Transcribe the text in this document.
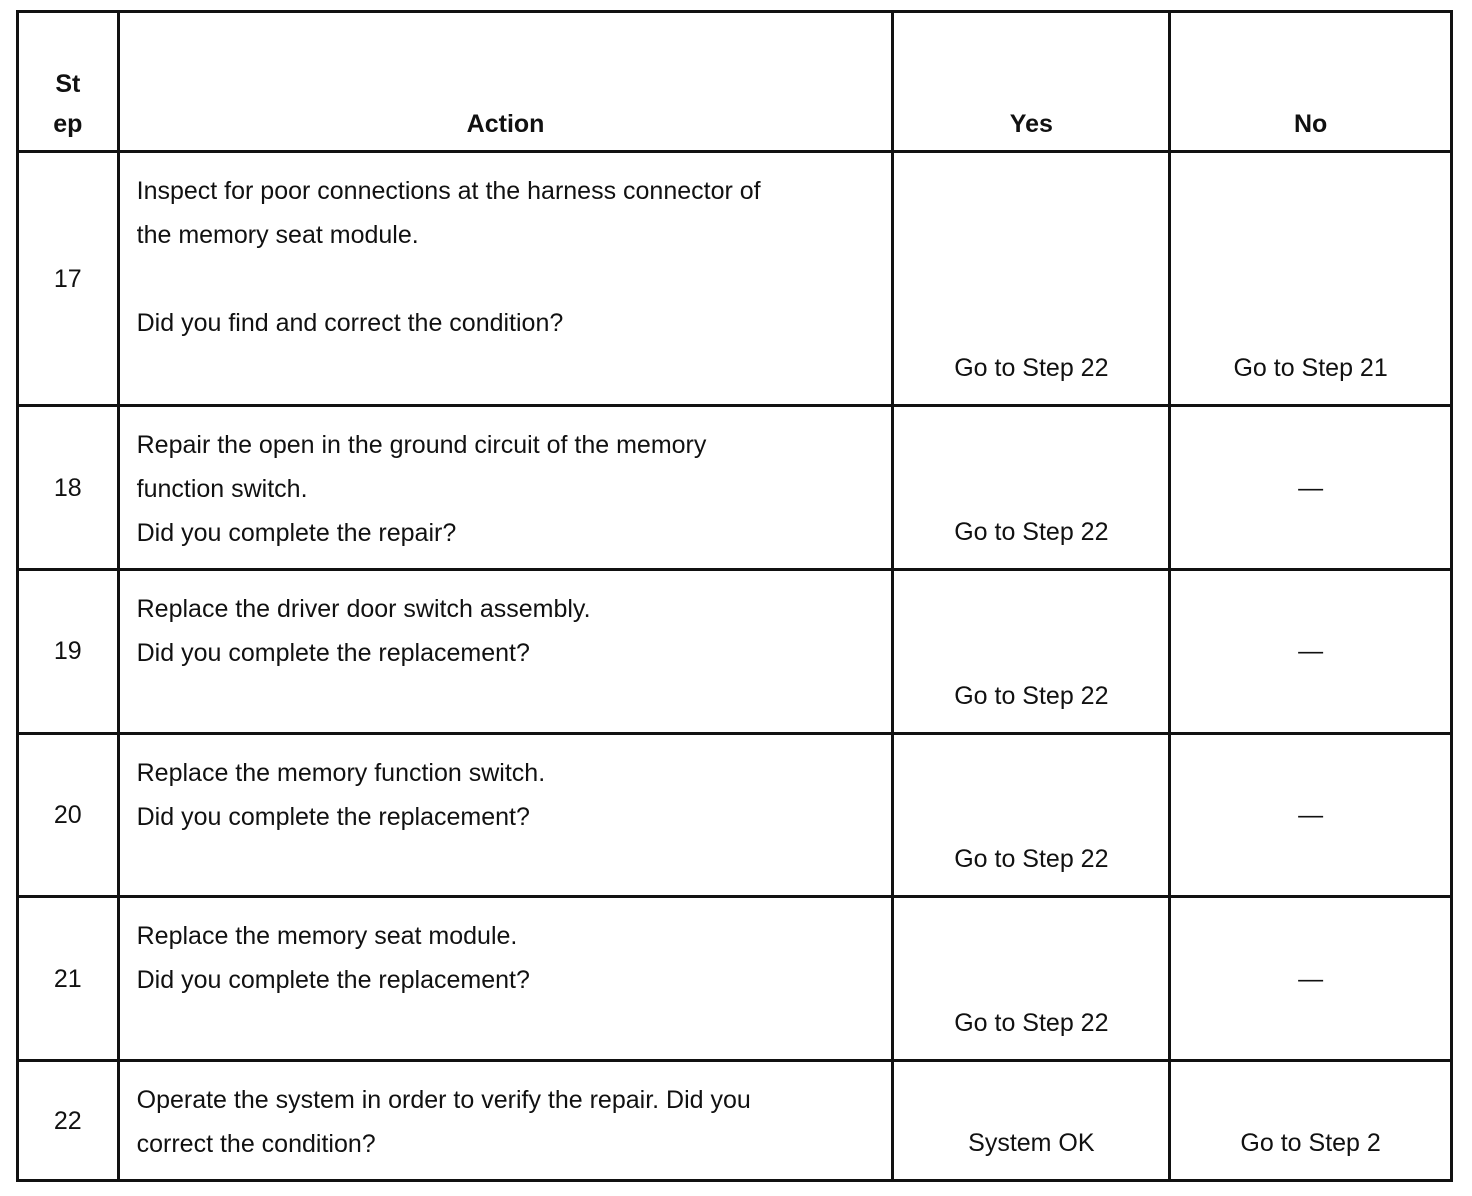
St
ep	Action	Yes	No
17	Inspect for poor connections at the harness connector of
the memory seat module.
Did you find and correct the condition?	Go to Step 22	Go to Step 21
18	Repair the open in the ground circuit of the memory
function switch.
Did you complete the repair?	Go to Step 22	—
19	Replace the driver door switch assembly.
Did you complete the replacement?	Go to Step 22	—
20	Replace the memory function switch.
Did you complete the replacement?	Go to Step 22	—
21	Replace the memory seat module.
Did you complete the replacement?	Go to Step 22	—
22	Operate the system in order to verify the repair. Did you
correct the condition?	System OK	Go to Step 2
